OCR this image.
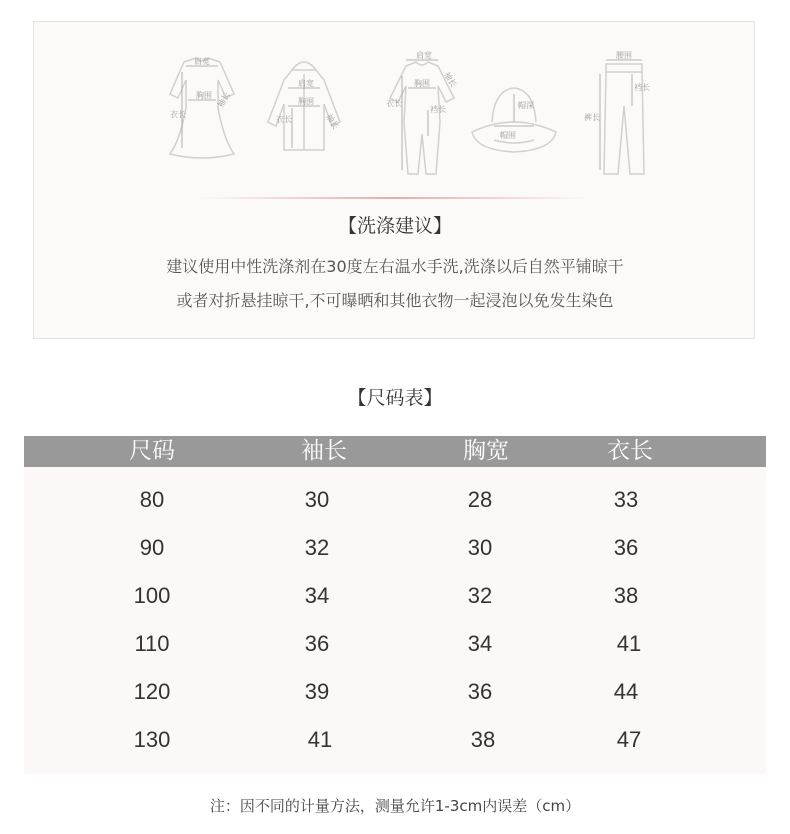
肩宽
胸围
衣长
袖长
肩宽
胸围
衣长	袖长
肩宽
胸围
衣长
裆长
袖长
帽深
帽围
腰围
裆长
裤长
【洗涤建议】
建议使用中性洗涤剂在30度左右温水手洗,洗涤以后自然平铺晾干
或者对折悬挂晾干,不可曝晒和其他衣物一起浸泡以免发生染色
【尺码表】
尺码	袖长	胸宽	衣长
80	30	28	33
90	32	30	36
100	34	32	38
110	36	34	41
120	39	36	44
130	41	38	47
注：因不同的计量方法，测量允许1-3cm内误差（cm）
